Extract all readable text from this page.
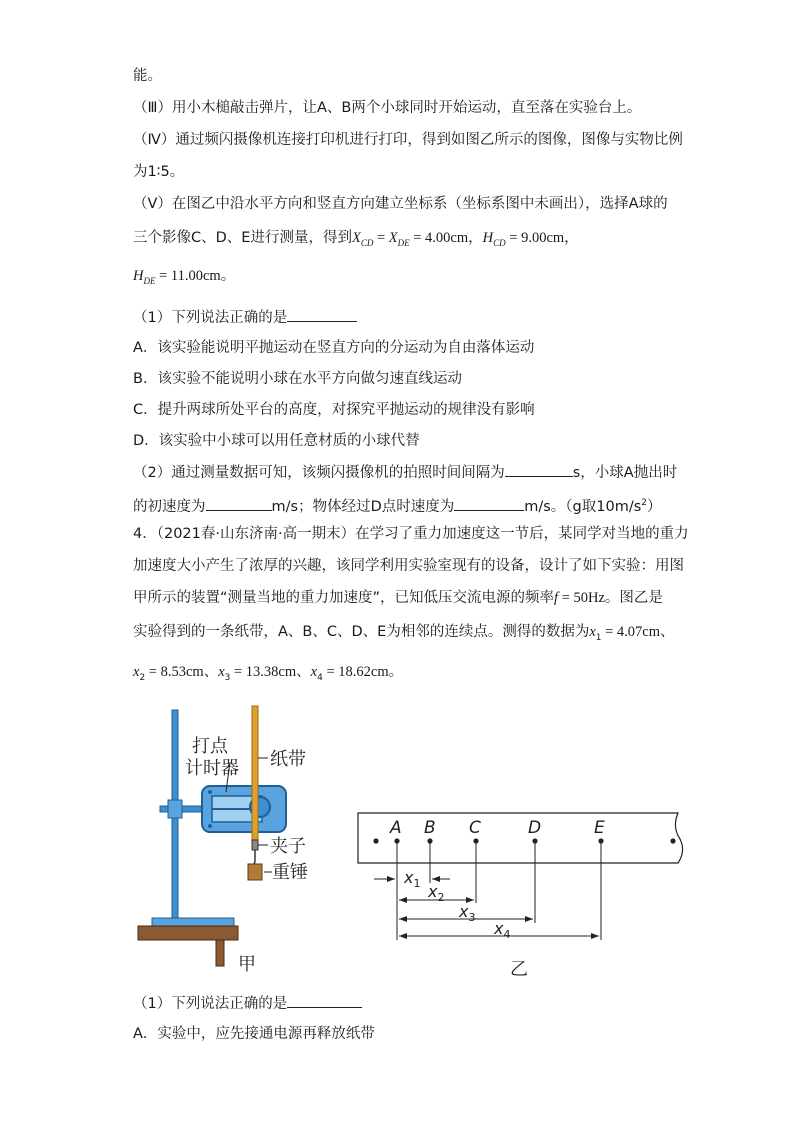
能。
（Ⅲ）用小木槌敲击弹片，让A、B两个小球同时开始运动，直至落在实验台上。
（Ⅳ）通过频闪摄像机连接打印机进行打印，得到如图乙所示的图像，图像与实物比例
为1∶5。
（Ⅴ）在图乙中沿水平方向和竖直方向建立坐标系（坐标系图中未画出），选择A球的
三个影像C、D、E进行测量，得到$X_{CD} = X_{DE} = 4.00cm$，$H_{CD} = 9.00cm$，
$H_{DE} = 11.00cm$。
（1）下列说法正确的是
A．该实验能说明平抛运动在竖直方向的分运动为自由落体运动
B．该实验不能说明小球在水平方向做匀速直线运动
C．提升两球所处平台的高度，对探究平抛运动的规律没有影响
D．该实验中小球可以用任意材质的小球代替
（2）通过测量数据可知，该频闪摄像机的拍照时间间隔为	s，小球A抛出时
的初速度为	m/s；物体经过D点时速度为	m/s。（g取$10m/s^2$）
4．（2021春·山东济南·高一期末）在学习了重力加速度这一节后，某同学对当地的重力
加速度大小产生了浓厚的兴趣，该同学利用实验室现有的设备，设计了如下实验：用图
甲所示的装置“测量当地的重力加速度”，已知低压交流电源的频率f = 50Hz。图乙是
实验得到的一条纸带，A、B、C、D、E为相邻的连续点。测得的数据为$x_1 = 4.07cm$、
$x_2 = 8.53cm$、$x_3 = 13.38cm$、$x_4 = 18.62cm$。
打点
计时器 纸带
夹子
重锤
甲
A B C	D	E
$x_1$ $x_2$
$x_3$
$x_4$
乙
（1）下列说法正确的是
A．实验中，应先接通电源再释放纸带
